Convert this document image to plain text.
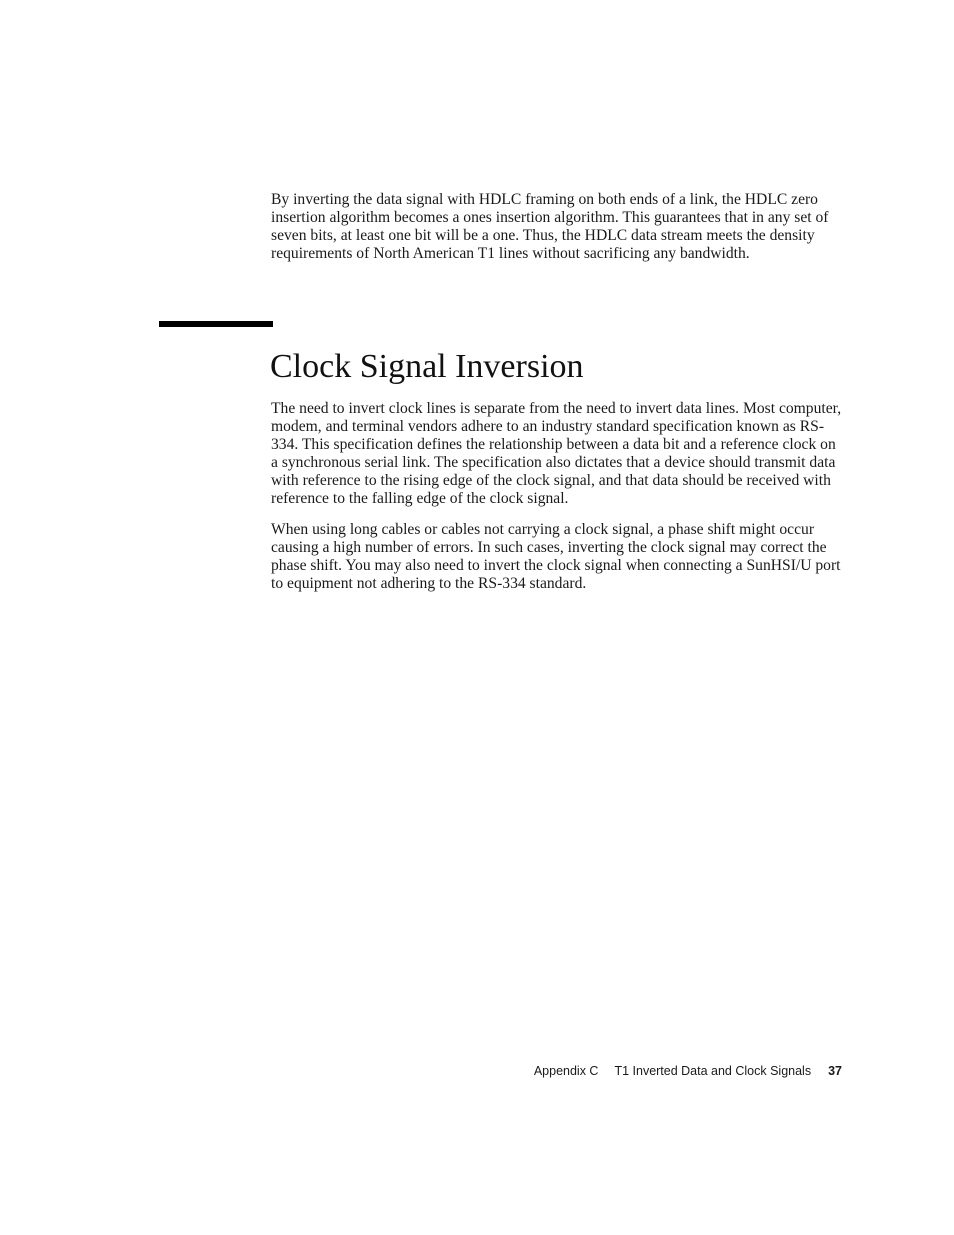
By inverting the data signal with HDLC framing on both ends of a link, the HDLC zero insertion algorithm becomes a ones insertion algorithm. This guarantees that in any set of seven bits, at least one bit will be a one. Thus, the HDLC data stream meets the density requirements of North American T1 lines without sacrificing any bandwidth.

Clock Signal Inversion

The need to invert clock lines is separate from the need to invert data lines. Most computer, modem, and terminal vendors adhere to an industry standard specification known as RS-334. This specification defines the relationship between a data bit and a reference clock on a synchronous serial link. The specification also dictates that a device should transmit data with reference to the rising edge of the clock signal, and that data should be received with reference to the falling edge of the clock signal.

When using long cables or cables not carrying a clock signal, a phase shift might occur causing a high number of errors. In such cases, inverting the clock signal may correct the phase shift. You may also need to invert the clock signal when connecting a SunHSI/U port to equipment not adhering to the RS-334 standard.

Appendix C T1 Inverted Data and Clock Signals 37
